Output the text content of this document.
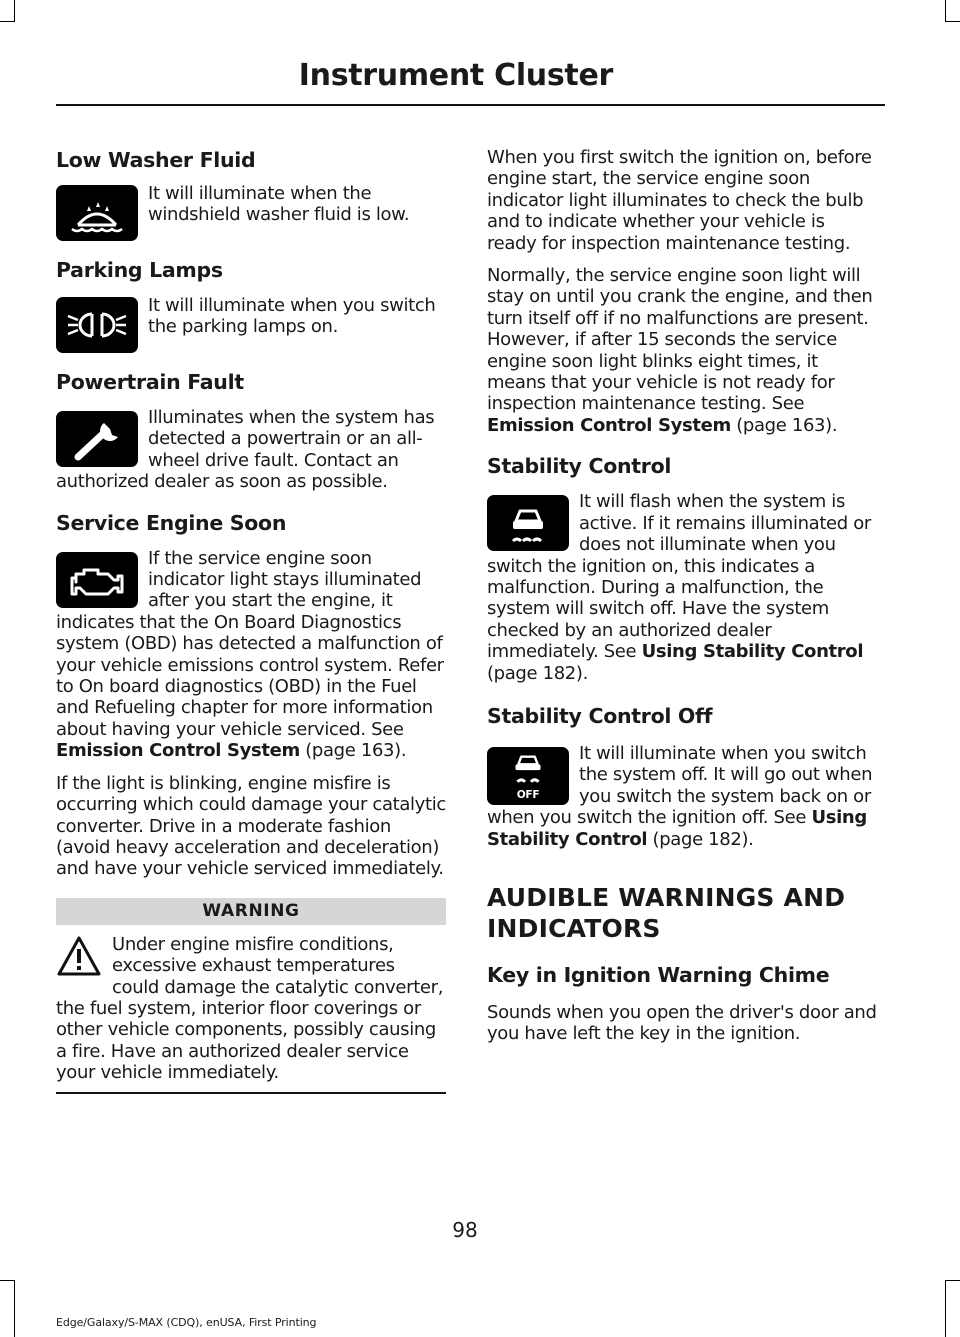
Instrument Cluster
Low Washer Fluid

It will illuminate when the windshield washer fluid is low.

Parking Lamps

It will illuminate when you switch the parking lamps on.

Powertrain Fault

Illuminates when the system has detected a powertrain or an all-wheel drive fault. Contact an authorized dealer as soon as possible.

Service Engine Soon

If the service engine soon indicator light stays illuminated after you start the engine, it indicates that the On Board Diagnostics system (OBD) has detected a malfunction of your vehicle emissions control system. Refer to On board diagnostics (OBD) in the Fuel and Refueling chapter for more information about having your vehicle serviced. See Emission Control System (page 163).

If the light is blinking, engine misfire is occurring which could damage your catalytic converter. Drive in a moderate fashion (avoid heavy acceleration and deceleration) and have your vehicle serviced immediately.

WARNING

Under engine misfire conditions, excessive exhaust temperatures could damage the catalytic converter, the fuel system, interior floor coverings or other vehicle components, possibly causing a fire. Have an authorized dealer service your vehicle immediately.

When you first switch the ignition on, before engine start, the service engine soon indicator light illuminates to check the bulb and to indicate whether your vehicle is ready for inspection maintenance testing.

Normally, the service engine soon light will stay on until you crank the engine, and then turn itself off if no malfunctions are present. However, if after 15 seconds the service engine soon light blinks eight times, it means that your vehicle is not ready for inspection maintenance testing. See Emission Control System (page 163).

Stability Control

It will flash when the system is active. If it remains illuminated or does not illuminate when you switch the ignition on, this indicates a malfunction. During a malfunction, the system will switch off. Have the system checked by an authorized dealer immediately. See Using Stability Control (page 182).

Stability Control Off
OFF

It will illuminate when you switch the system off. It will go out when you switch the system back on or when you switch the ignition off. See Using Stability Control (page 182).

AUDIBLE WARNINGS AND
INDICATORS
Key in Ignition Warning Chime

Sounds when you open the driver's door and you have left the key in the ignition.

98
Edge/Galaxy/S-MAX (CDQ), enUSA, First Printing
